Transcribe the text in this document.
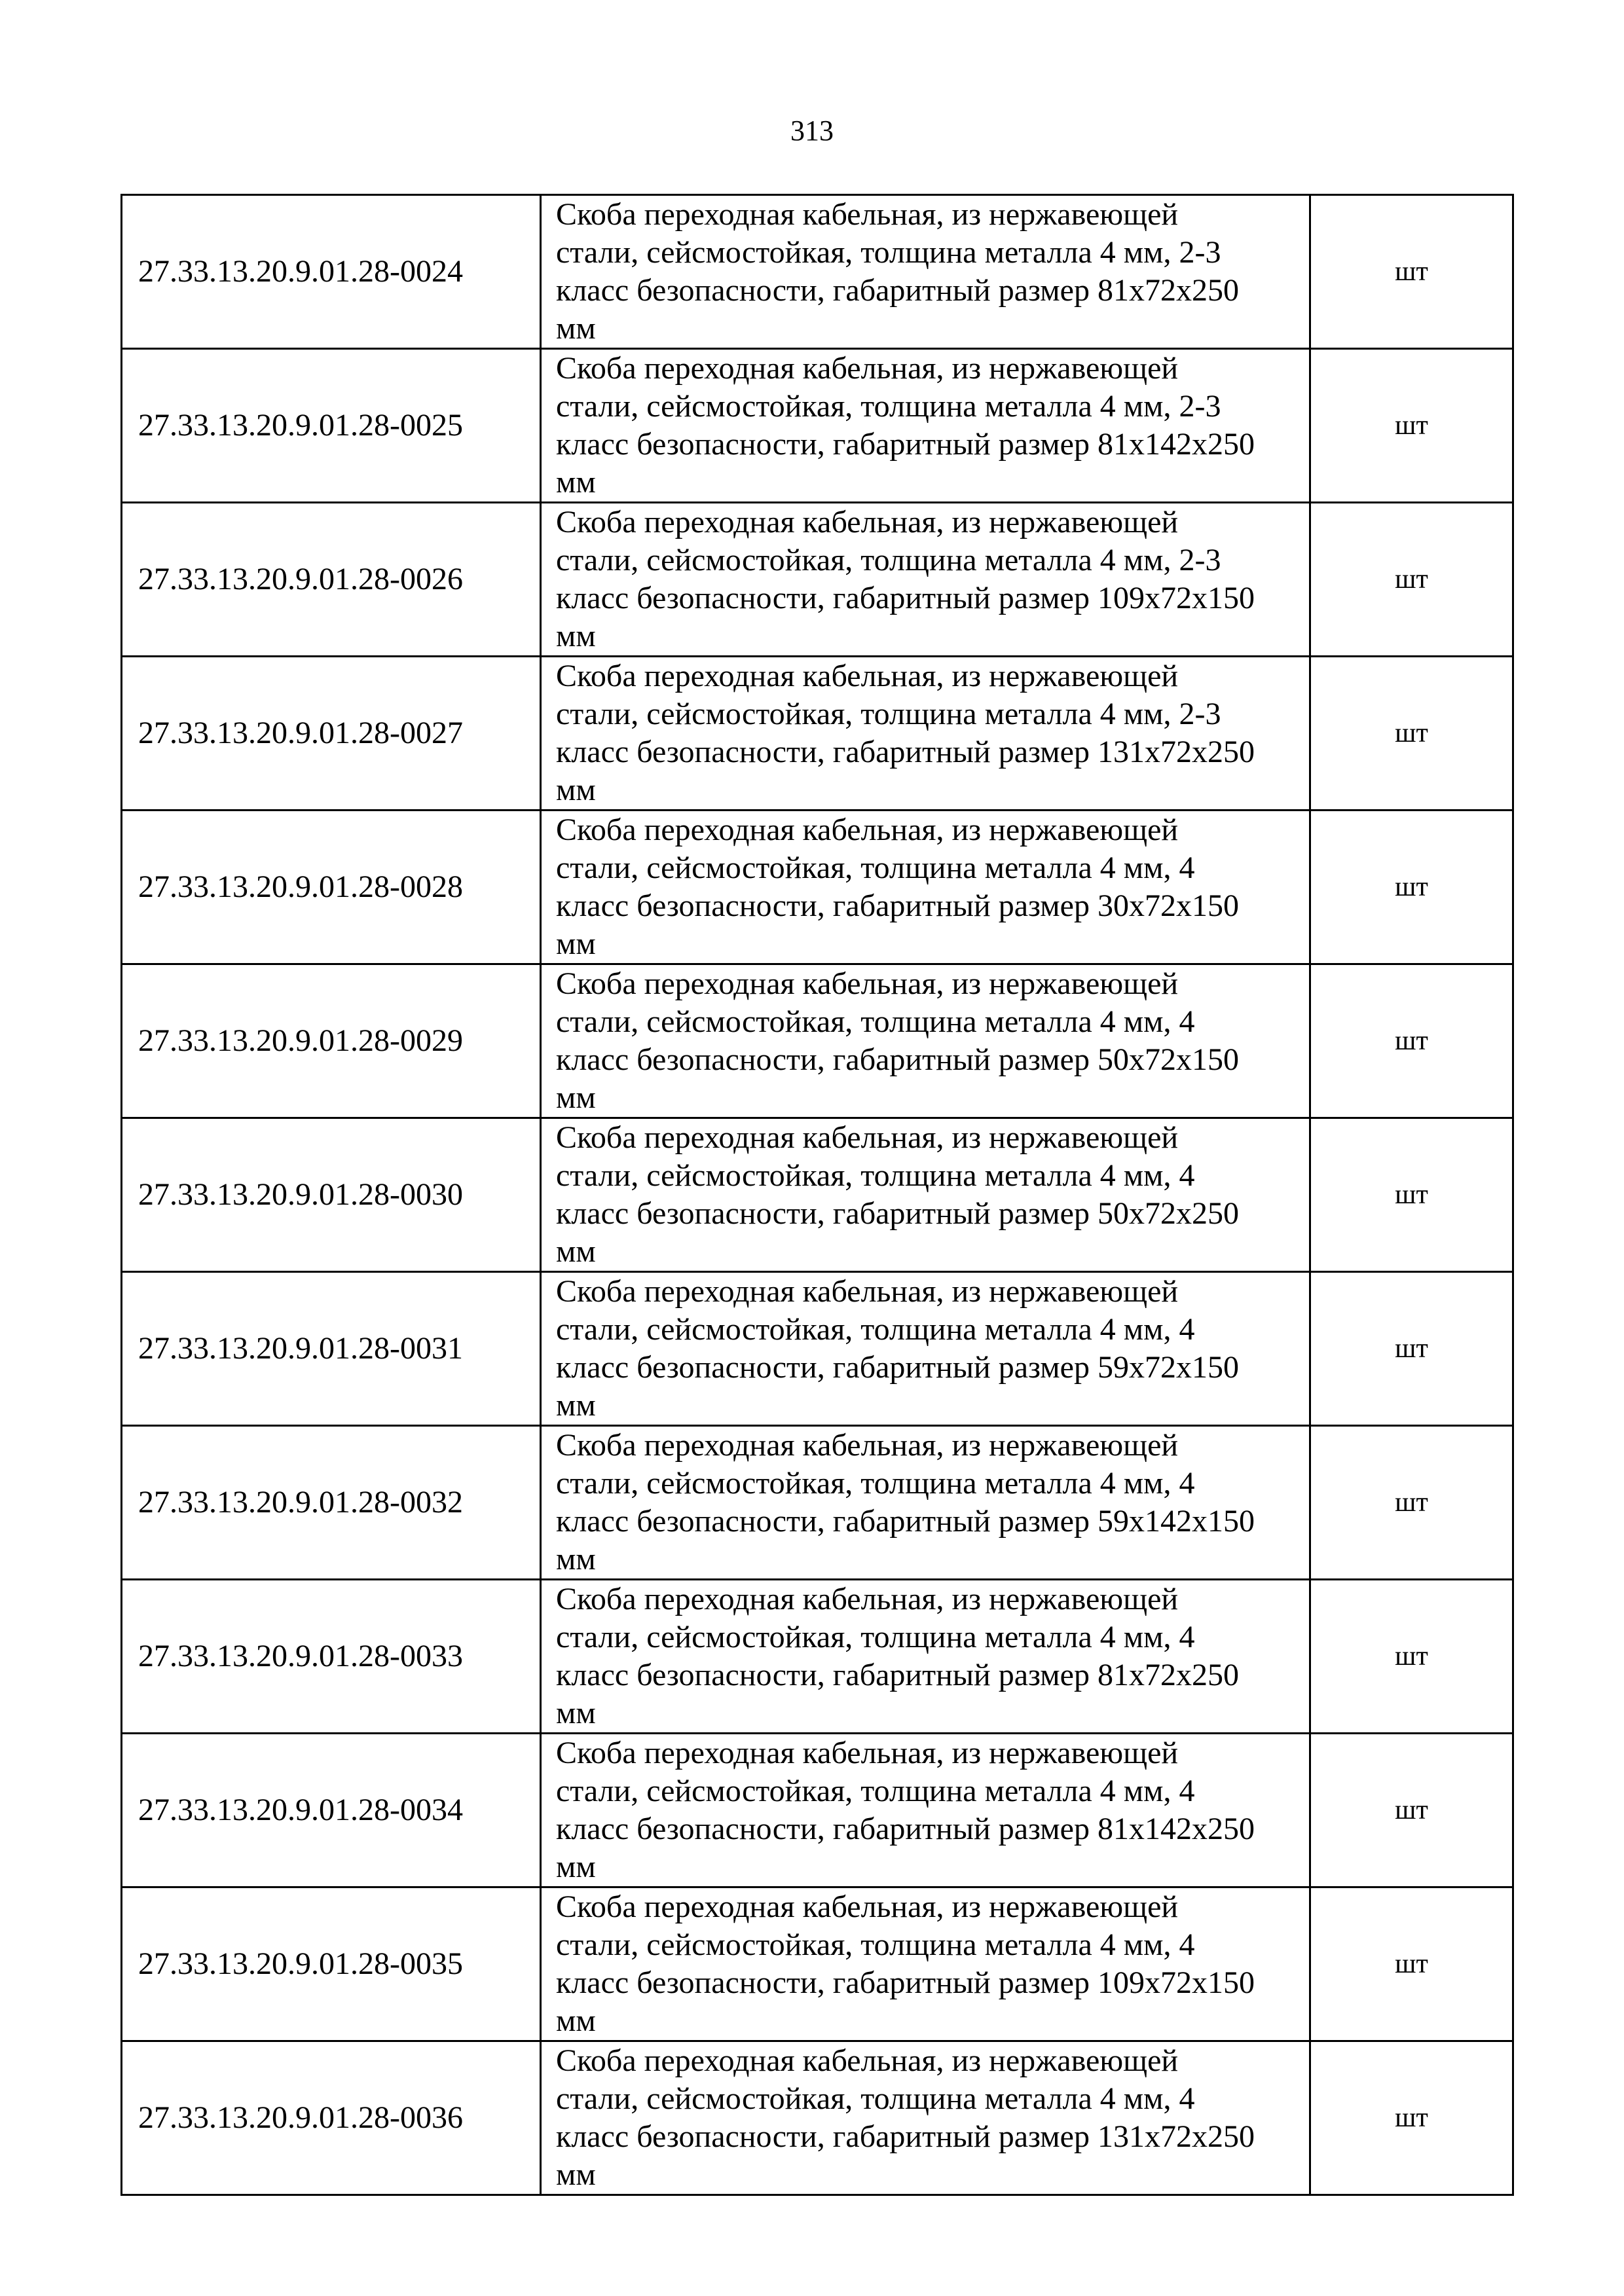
313
27.33.13.20.9.01.28-0024	Скоба переходная кабельная, из нержавеющей
стали, сейсмостойкая, толщина металла 4 мм, 2-3
класс безопасности, габаритный размер 81x72x250
мм	шт
27.33.13.20.9.01.28-0025	Скоба переходная кабельная, из нержавеющей
стали, сейсмостойкая, толщина металла 4 мм, 2-3
класс безопасности, габаритный размер 81x142x250
мм	шт
27.33.13.20.9.01.28-0026	Скоба переходная кабельная, из нержавеющей
стали, сейсмостойкая, толщина металла 4 мм, 2-3
класс безопасности, габаритный размер 109x72x150
мм	шт
27.33.13.20.9.01.28-0027	Скоба переходная кабельная, из нержавеющей
стали, сейсмостойкая, толщина металла 4 мм, 2-3
класс безопасности, габаритный размер 131x72x250
мм	шт
27.33.13.20.9.01.28-0028	Скоба переходная кабельная, из нержавеющей
стали, сейсмостойкая, толщина металла 4 мм, 4
класс безопасности, габаритный размер 30x72x150
мм	шт
27.33.13.20.9.01.28-0029	Скоба переходная кабельная, из нержавеющей
стали, сейсмостойкая, толщина металла 4 мм, 4
класс безопасности, габаритный размер 50x72x150
мм	шт
27.33.13.20.9.01.28-0030	Скоба переходная кабельная, из нержавеющей
стали, сейсмостойкая, толщина металла 4 мм, 4
класс безопасности, габаритный размер 50x72x250
мм	шт
27.33.13.20.9.01.28-0031	Скоба переходная кабельная, из нержавеющей
стали, сейсмостойкая, толщина металла 4 мм, 4
класс безопасности, габаритный размер 59x72x150
мм	шт
27.33.13.20.9.01.28-0032	Скоба переходная кабельная, из нержавеющей
стали, сейсмостойкая, толщина металла 4 мм, 4
класс безопасности, габаритный размер 59x142x150
мм	шт
27.33.13.20.9.01.28-0033	Скоба переходная кабельная, из нержавеющей
стали, сейсмостойкая, толщина металла 4 мм, 4
класс безопасности, габаритный размер 81x72x250
мм	шт
27.33.13.20.9.01.28-0034	Скоба переходная кабельная, из нержавеющей
стали, сейсмостойкая, толщина металла 4 мм, 4
класс безопасности, габаритный размер 81x142x250
мм	шт
27.33.13.20.9.01.28-0035	Скоба переходная кабельная, из нержавеющей
стали, сейсмостойкая, толщина металла 4 мм, 4
класс безопасности, габаритный размер 109x72x150
мм	шт
27.33.13.20.9.01.28-0036	Скоба переходная кабельная, из нержавеющей
стали, сейсмостойкая, толщина металла 4 мм, 4
класс безопасности, габаритный размер 131x72x250
мм	шт
